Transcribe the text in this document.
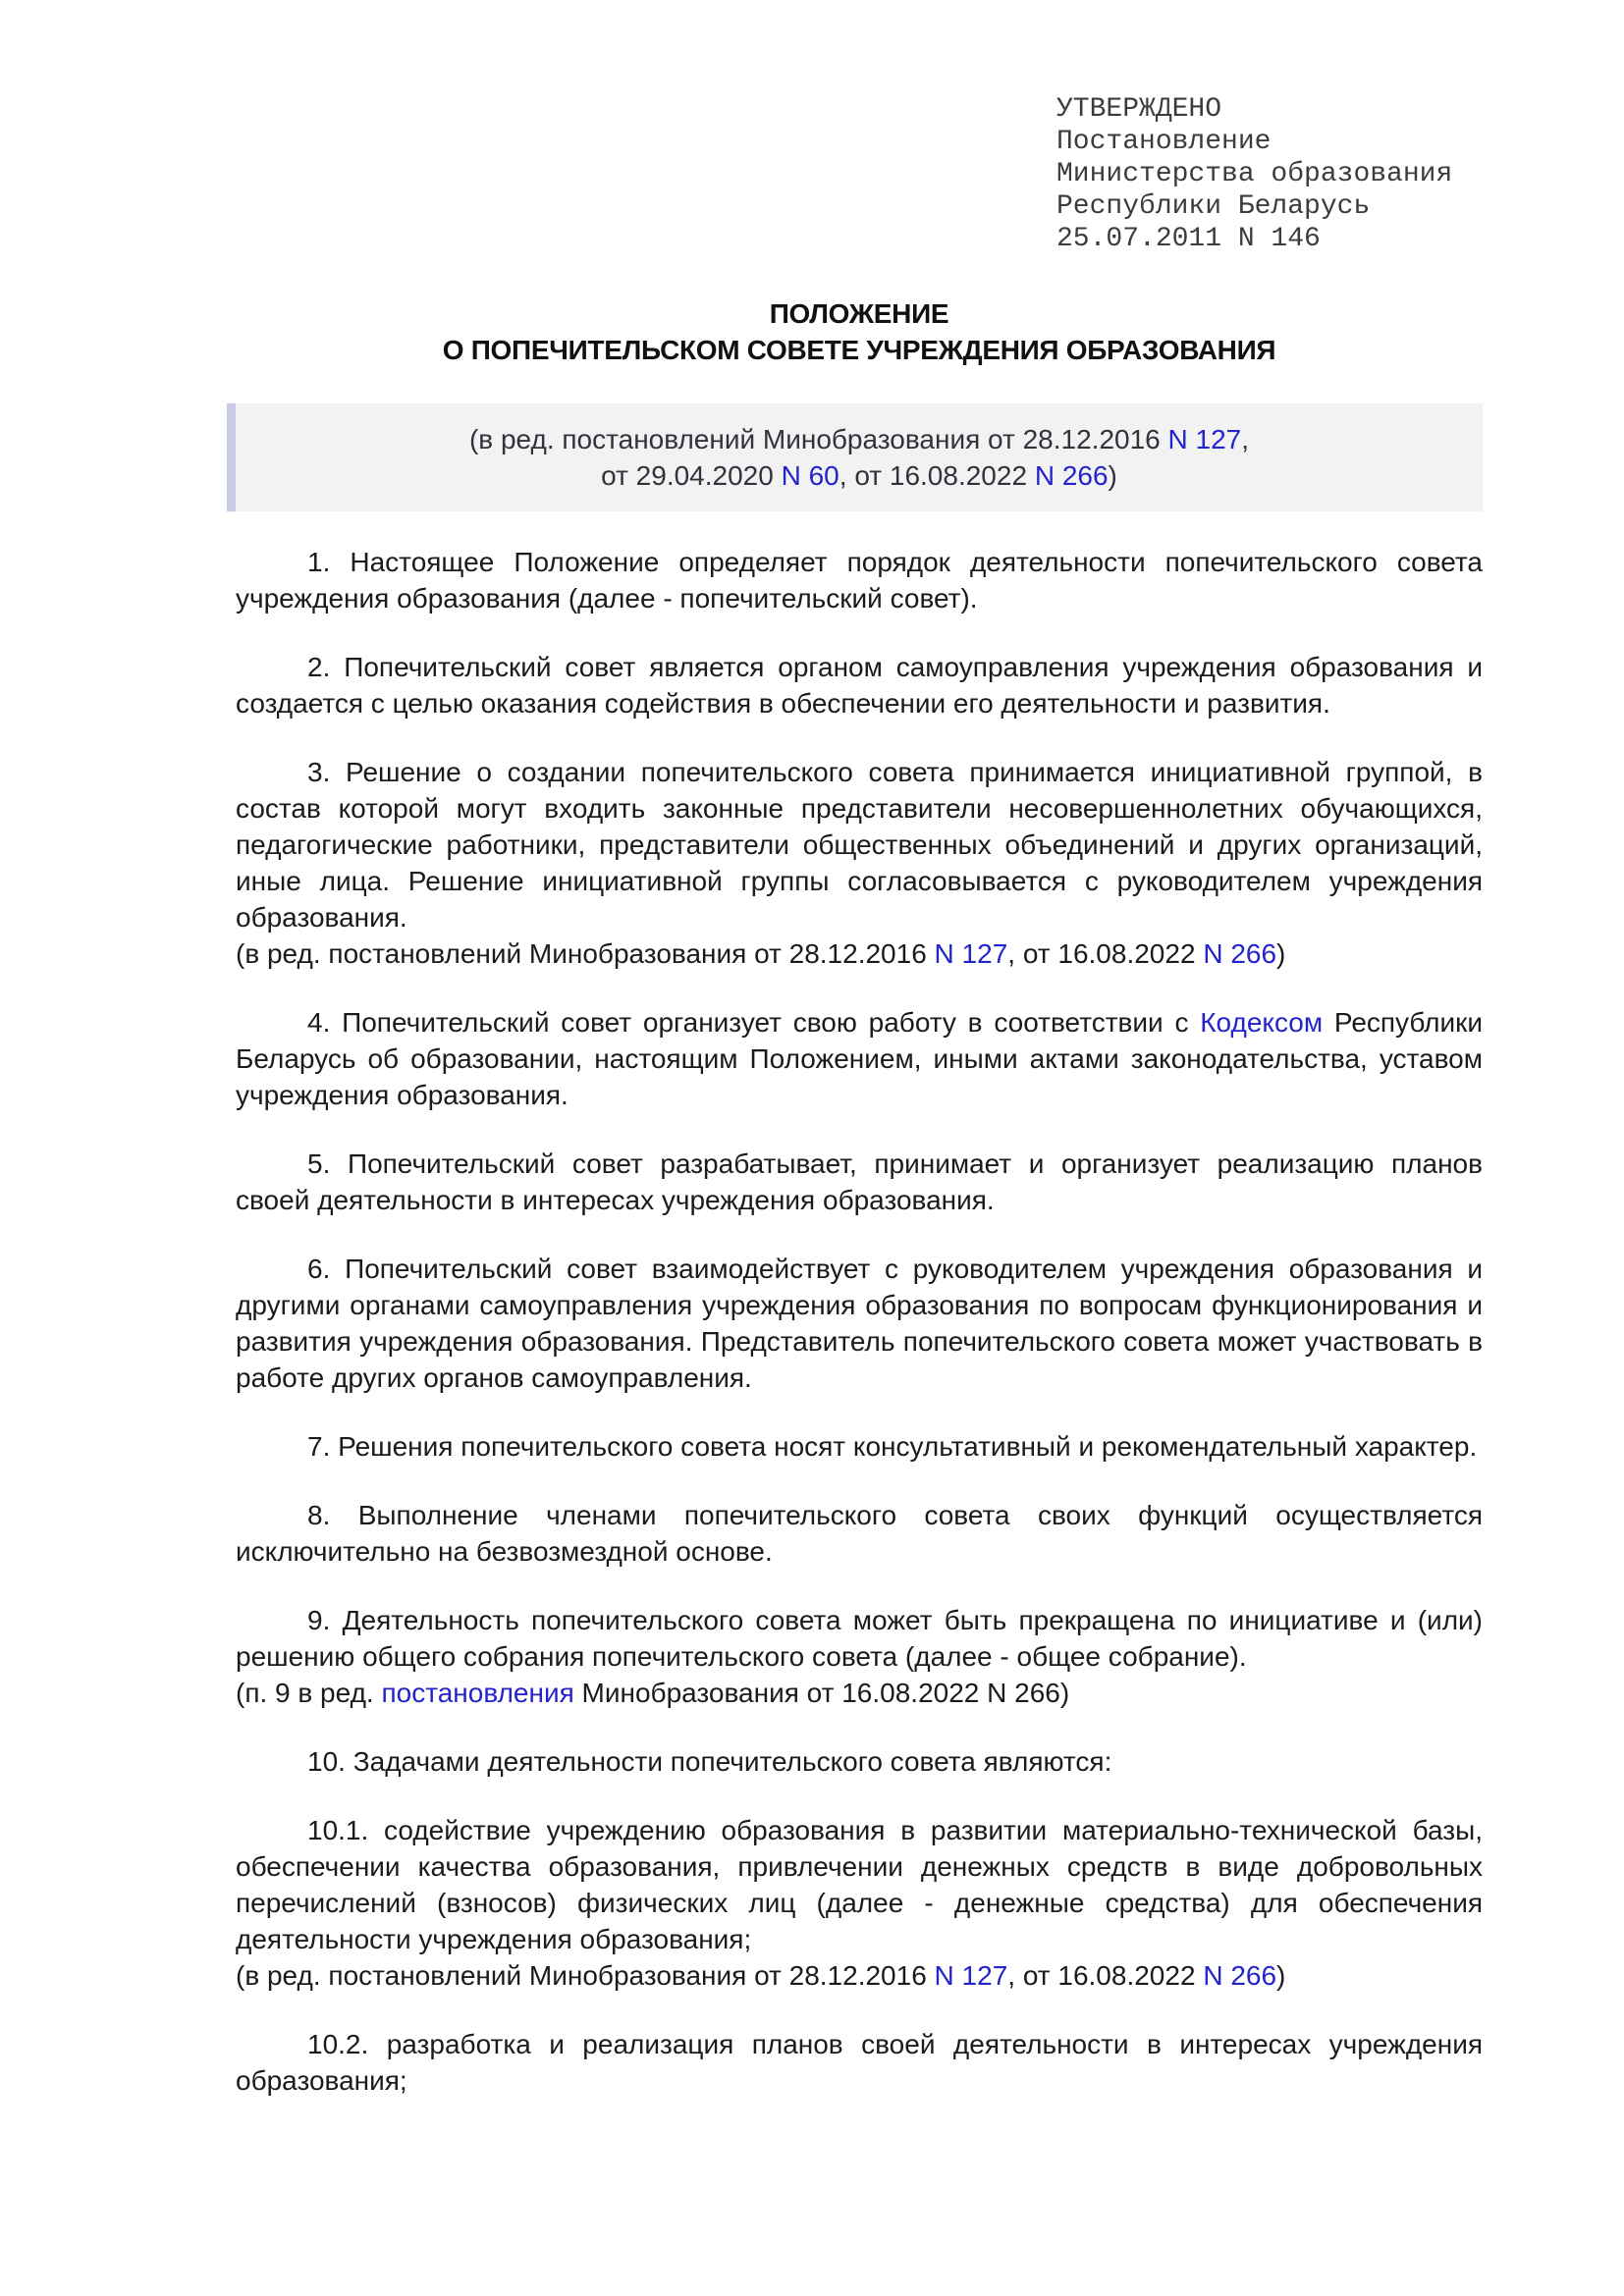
УТВЕРЖДЕНО
Постановление
Министерства образования
Республики Беларусь
25.07.2011 N 146
ПОЛОЖЕНИЕ
О ПОПЕЧИТЕЛЬСКОМ СОВЕТЕ УЧРЕЖДЕНИЯ ОБРАЗОВАНИЯ
(в ред. постановлений Минобразования от 28.12.2016 N 127,
от 29.04.2020 N 60, от 16.08.2022 N 266)

1. Настоящее Положение определяет порядок деятельности попечительского совета учреждения образования (далее - попечительский совет).

2. Попечительский совет является органом самоуправления учреждения образования и создается с целью оказания содействия в обеспечении его деятельности и развития.

3. Решение о создании попечительского совета принимается инициативной группой, в состав которой могут входить законные представители несовершеннолетних обучающихся, педагогические работники, представители общественных объединений и других организаций, иные лица. Решение инициативной группы согласовывается с руководителем учреждения образования.

(в ред. постановлений Минобразования от 28.12.2016 N 127, от 16.08.2022 N 266)

4. Попечительский совет организует свою работу в соответствии с Кодексом Республики Беларусь об образовании, настоящим Положением, иными актами законодательства, уставом учреждения образования.

5. Попечительский совет разрабатывает, принимает и организует реализацию планов своей деятельности в интересах учреждения образования.

6. Попечительский совет взаимодействует с руководителем учреждения образования и другими органами самоуправления учреждения образования по вопросам функционирования и развития учреждения образования. Представитель попечительского совета может участвовать в работе других органов самоуправления.

7. Решения попечительского совета носят консультативный и рекомендательный характер.

8. Выполнение членами попечительского совета своих функций осуществляется исключительно на безвозмездной основе.

9. Деятельность попечительского совета может быть прекращена по инициативе и (или) решению общего собрания попечительского совета (далее - общее собрание).

(п. 9 в ред. постановления Минобразования от 16.08.2022 N 266)

10. Задачами деятельности попечительского совета являются:

10.1. содействие учреждению образования в развитии материально-технической базы, обеспечении качества образования, привлечении денежных средств в виде добровольных перечислений (взносов) физических лиц (далее - денежные средства) для обеспечения деятельности учреждения образования;

(в ред. постановлений Минобразования от 28.12.2016 N 127, от 16.08.2022 N 266)

10.2. разработка и реализация планов своей деятельности в интересах учреждения образования;
